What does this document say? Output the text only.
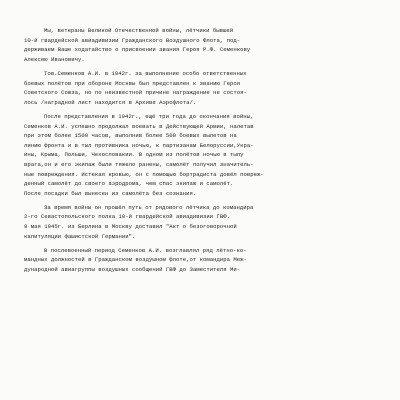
Мы, ветераны Великой Отечественной войны, лётчики бывшей
10-й гвардейской авиадивизии Гражданского Воздушного Флота, под-
держиваем Ваше ходатайство о присвоении звания Героя Р.Ф. Семенкову
Алексею Ивановичу.
Тов.Семенков А.И. в 1942г. за выполнение особо ответственных
боевых полётов при обороне Москвы был представлен к званию Героя
Советского Союза, но по неизвестной причине награждение не состоя-
лось /наградной лист находится в Архиве Аэрофлота/.
После представления в 1942г., ещё три года до окончания войны,
Семенков А.И. успешно продолжал воевать в Действующей Армии, налетав
при этом более 1500 часов, выполнив более 500 боевых вылетов на
линию фронта и в тыл противника ночью, к партизанам Белоруссии,Укра-
ины, Крыма, Польши, Чехословакии. В одном из полётов ночью в тылу
врага,он и его экипаж были тяжело ранены, самолёт получил значитель-
ные повреждения. Истекая кровью, он с помощью бортрадиста довёл повреж-
денный самолёт до своего аэродрома, чем спас экипаж и самолёт.
После посадки был вынесен из самолёта без сознания.
За время войны он прошёл путь от рядового лётчика до командира
2-го Севастопольского полка 10-й гвардейской авиадивизии ГВФ.
9 мая 1945г. из Берлина в Москву доставил "Акт о безоговорочной
капитуляции фашистской Германии".
В послевоенный период Семенков А.И. возглавлял ряд лётно-ко-
мандных должностей в Гражданском воздушном флоте,от командира Меж-
дународной авиагруппы воздушных сообщений ГВФ до Заместителя Ми-
